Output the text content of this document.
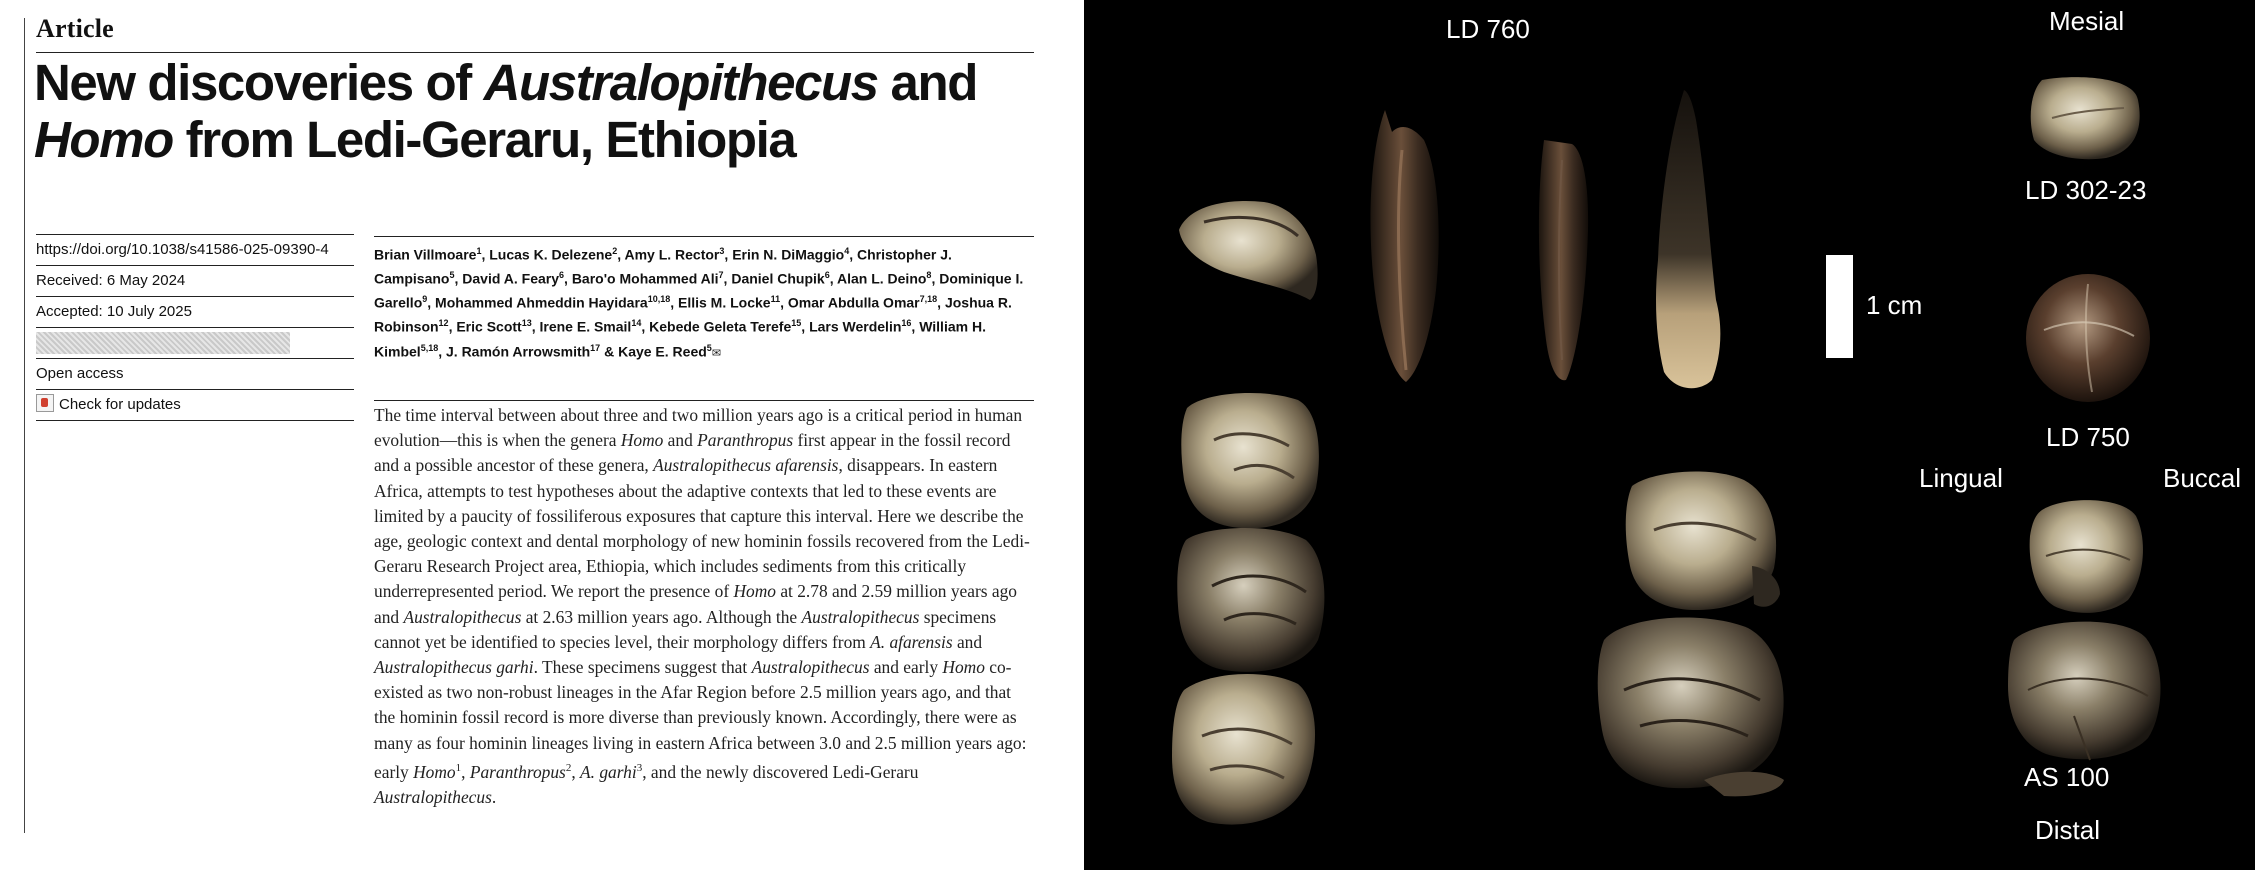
Article
New discoveries of Australopithecus and
Homo from Ledi-Geraru, Ethiopia
https://doi.org/10.1038/s41586-025-09390-4
Received: 6 May 2024
Accepted: 10 July 2025
Open access
Check for updates

Brian Villmoare$^1$, Lucas K. Delezene$^2$, Amy L. Rector$^3$, Erin N. DiMaggio$^4$, Christopher J. Campisano$^5$, David A. Feary$^6$, Baro'o Mohammed Ali$^7$, Daniel Chupik$^6$, Alan L. Deino$^8$, Dominique I. Garello$^9$, Mohammed Ahmeddin Hayidara$^{10,18}$, Ellis M. Locke$^{11}$, Omar Abdulla Omar$^{7,18}$, Joshua R. Robinson$^{12}$, Eric Scott$^{13}$, Irene E. Smail$^{14}$, Kebede Geleta Terefe$^{15}$, Lars Werdelin$^{16}$, William H. Kimbel$^{5,18}$, J. Ramón Arrowsmith$^{17}$ & Kaye E. Reed$^5$✉

The time interval between about three and two million years ago is a critical period in human evolution—this is when the genera Homo and Paranthropus first appear in the fossil record and a possible ancestor of these genera, Australopithecus afarensis, disappears. In eastern Africa, attempts to test hypotheses about the adaptive contexts that led to these events are limited by a paucity of fossiliferous exposures that capture this interval. Here we describe the age, geologic context and dental morphology of new hominin fossils recovered from the Ledi-Geraru Research Project area, Ethiopia, which includes sediments from this critically underrepresented period. We report the presence of Homo at 2.78 and 2.59 million years ago and Australopithecus at 2.63 million years ago. Although the Australopithecus specimens cannot yet be identified to species level, their morphology differs from A. afarensis and Australopithecus garhi. These specimens suggest that Australopithecus and early Homo co-existed as two non-robust lineages in the Afar Region before 2.5 million years ago, and that the hominin fossil record is more diverse than previously known. Accordingly, there were as many as four hominin lineages living in eastern Africa between 3.0 and 2.5 million years ago: early Homo$^1$, Paranthropus$^2$, A. garhi$^3$, and the newly discovered Ledi-Geraru Australopithecus.

LD 760	Mesial
LD 302-23
1 cm
LD 750
Lingual	Buccal
AS 100
Distal
